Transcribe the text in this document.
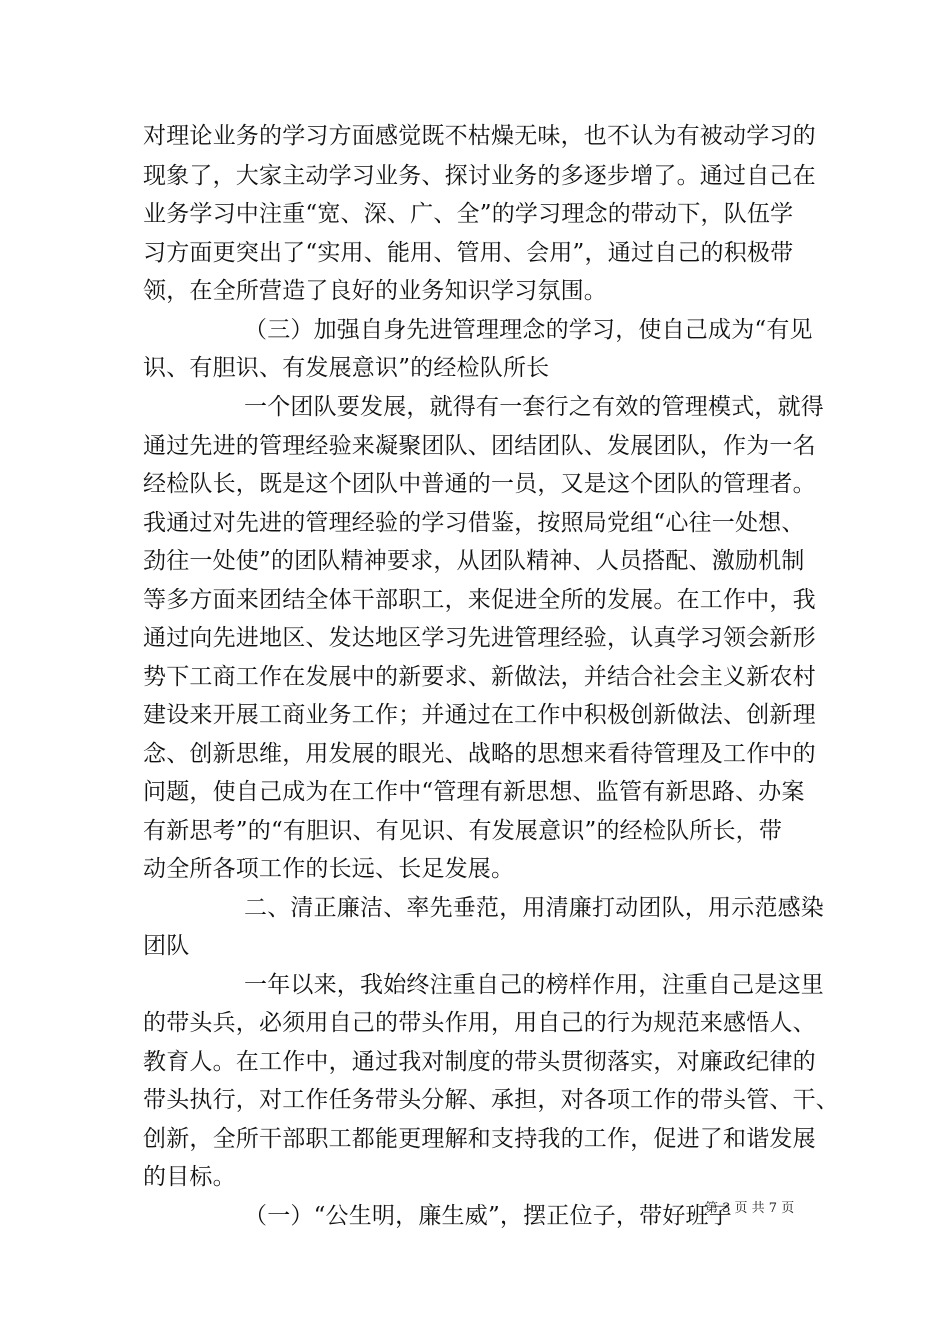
对理论业务的学习方面感觉既不枯燥无味，也不认为有被动学习的
现象了，大家主动学习业务、探讨业务的多逐步增了。通过自己在
业务学习中注重“宽、深、广、全”的学习理念的带动下，队伍学
习方面更突出了“实用、能用、管用、会用”，通过自己的积极带
领，在全所营造了良好的业务知识学习氛围。
（三）加强自身先进管理理念的学习，使自己成为“有见
识、有胆识、有发展意识”的经检队所长
一个团队要发展，就得有一套行之有效的管理模式，就得
通过先进的管理经验来凝聚团队、团结团队、发展团队，作为一名
经检队长，既是这个团队中普通的一员，又是这个团队的管理者。
我通过对先进的管理经验的学习借鉴，按照局党组“心往一处想、
劲往一处使”的团队精神要求，从团队精神、人员搭配、激励机制
等多方面来团结全体干部职工，来促进全所的发展。在工作中，我
通过向先进地区、发达地区学习先进管理经验，认真学习领会新形
势下工商工作在发展中的新要求、新做法，并结合社会主义新农村
建设来开展工商业务工作；并通过在工作中积极创新做法、创新理
念、创新思维，用发展的眼光、战略的思想来看待管理及工作中的
问题，使自己成为在工作中“管理有新思想、监管有新思路、办案
有新思考”的“有胆识、有见识、有发展意识”的经检队所长，带
动全所各项工作的长远、长足发展。
二、清正廉洁、率先垂范，用清廉打动团队，用示范感染
团队
一年以来，我始终注重自己的榜样作用，注重自己是这里
的带头兵，必须用自己的带头作用，用自己的行为规范来感悟人、
教育人。在工作中，通过我对制度的带头贯彻落实，对廉政纪律的
带头执行，对工作任务带头分解、承担，对各项工作的带头管、干、
创新，全所干部职工都能更理解和支持我的工作，促进了和谐发展
的目标。
（一）“公生明，廉生威”，摆正位子，带好班子
第 3 页 共 7 页
